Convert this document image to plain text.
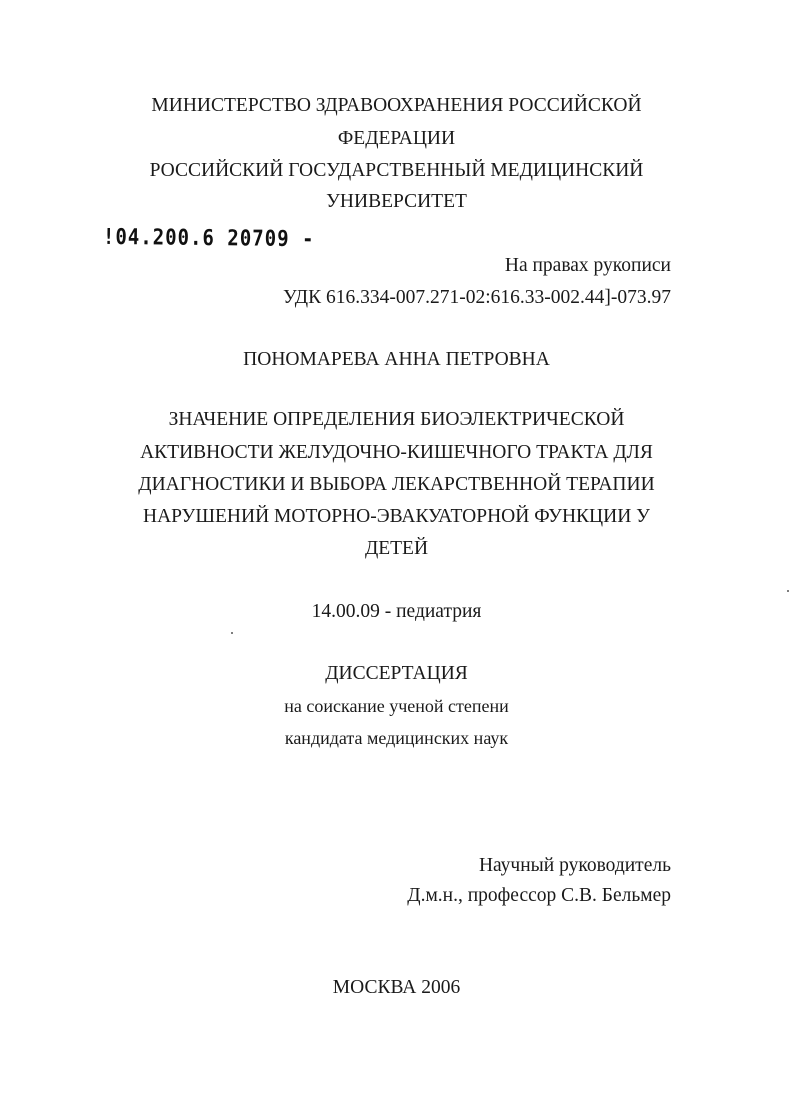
МИНИСТЕРСТВО ЗДРАВООХРАНЕНИЯ РОССИЙСКОЙ
ФЕДЕРАЦИИ
РОССИЙСКИЙ ГОСУДАРСТВЕННЫЙ МЕДИЦИНСКИЙ
УНИВЕРСИТЕТ
!04.200.6 20709 -
На правах рукописи
УДК 616.334-007.271-02:616.33-002.44]-073.97
ПОНОМАРЕВА АННА ПЕТРОВНА
ЗНАЧЕНИЕ ОПРЕДЕЛЕНИЯ БИОЭЛЕКТРИЧЕСКОЙ
АКТИВНОСТИ ЖЕЛУДОЧНО-КИШЕЧНОГО ТРАКТА ДЛЯ
ДИАГНОСТИКИ И ВЫБОРА ЛЕКАРСТВЕННОЙ ТЕРАПИИ
НАРУШЕНИЙ МОТОРНО-ЭВАКУАТОРНОЙ ФУНКЦИИ У
ДЕТЕЙ
14.00.09 - педиатрия
ДИССЕРТАЦИЯ
на соискание ученой степени
кандидата медицинских наук
Научный руководитель
Д.м.н., профессор С.В. Бельмер
МОСКВА 2006
